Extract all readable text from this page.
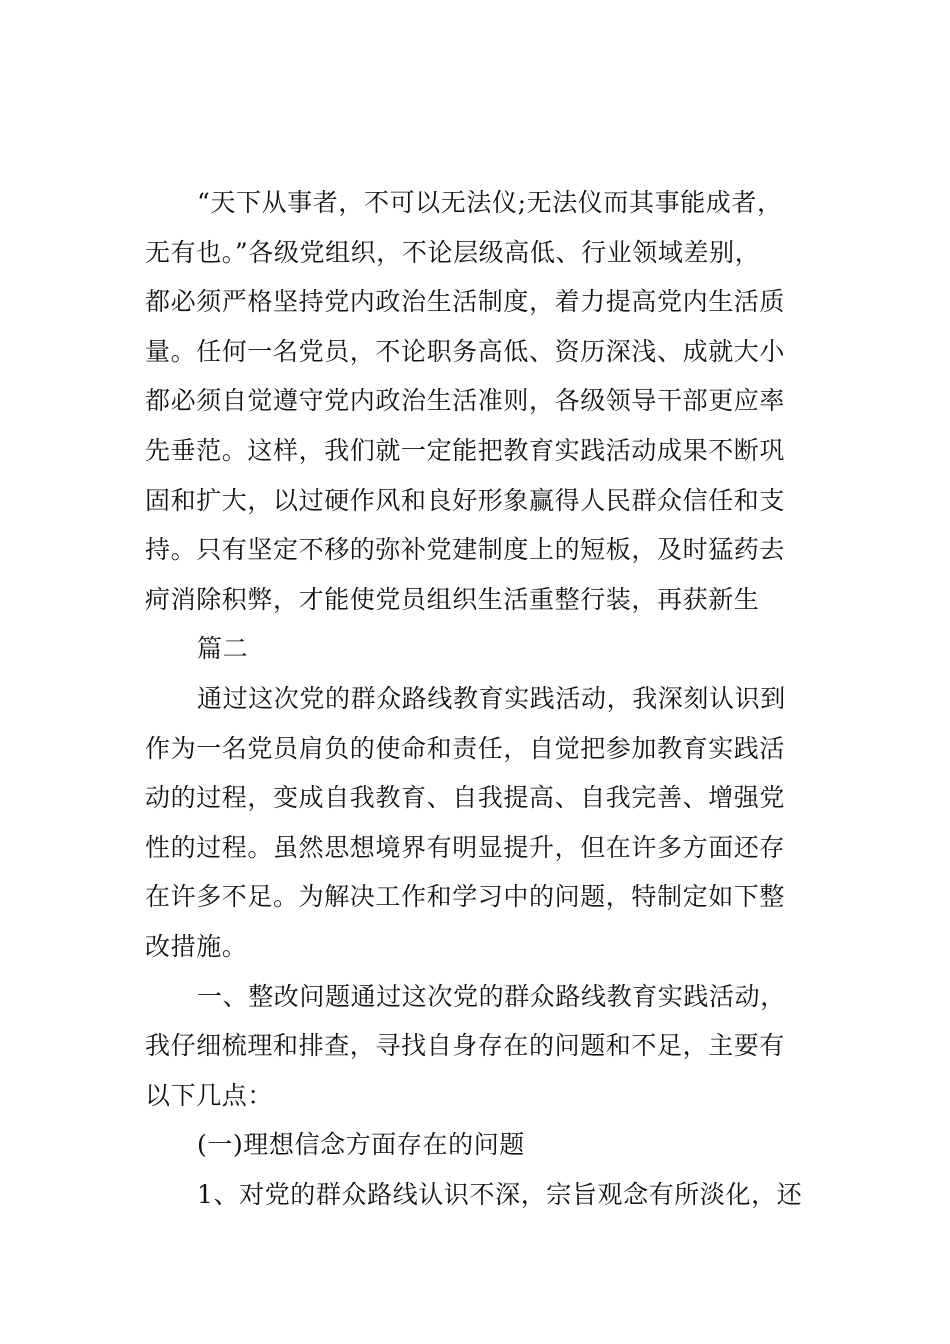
“天下从事者，不可以无法仪;无法仪而其事能成者，
无有也。”各级党组织，不论层级高低、行业领域差别，
都必须严格坚持党内政治生活制度，着力提高党内生活质
量。任何一名党员，不论职务高低、资历深浅、成就大小
都必须自觉遵守党内政治生活准则，各级领导干部更应率
先垂范。这样，我们就一定能把教育实践活动成果不断巩
固和扩大，以过硬作风和良好形象赢得人民群众信任和支
持。只有坚定不移的弥补党建制度上的短板，及时猛药去
疴消除积弊，才能使党员组织生活重整行装，再获新生
篇二
通过这次党的群众路线教育实践活动，我深刻认识到
作为一名党员肩负的使命和责任，自觉把参加教育实践活
动的过程，变成自我教育、自我提高、自我完善、增强党
性的过程。虽然思想境界有明显提升，但在许多方面还存
在许多不足。为解决工作和学习中的问题，特制定如下整
改措施。
一、整改问题通过这次党的群众路线教育实践活动，
我仔细梳理和排查，寻找自身存在的问题和不足，主要有
以下几点：
(一)理想信念方面存在的问题
1、对党的群众路线认识不深，宗旨观念有所淡化，还
